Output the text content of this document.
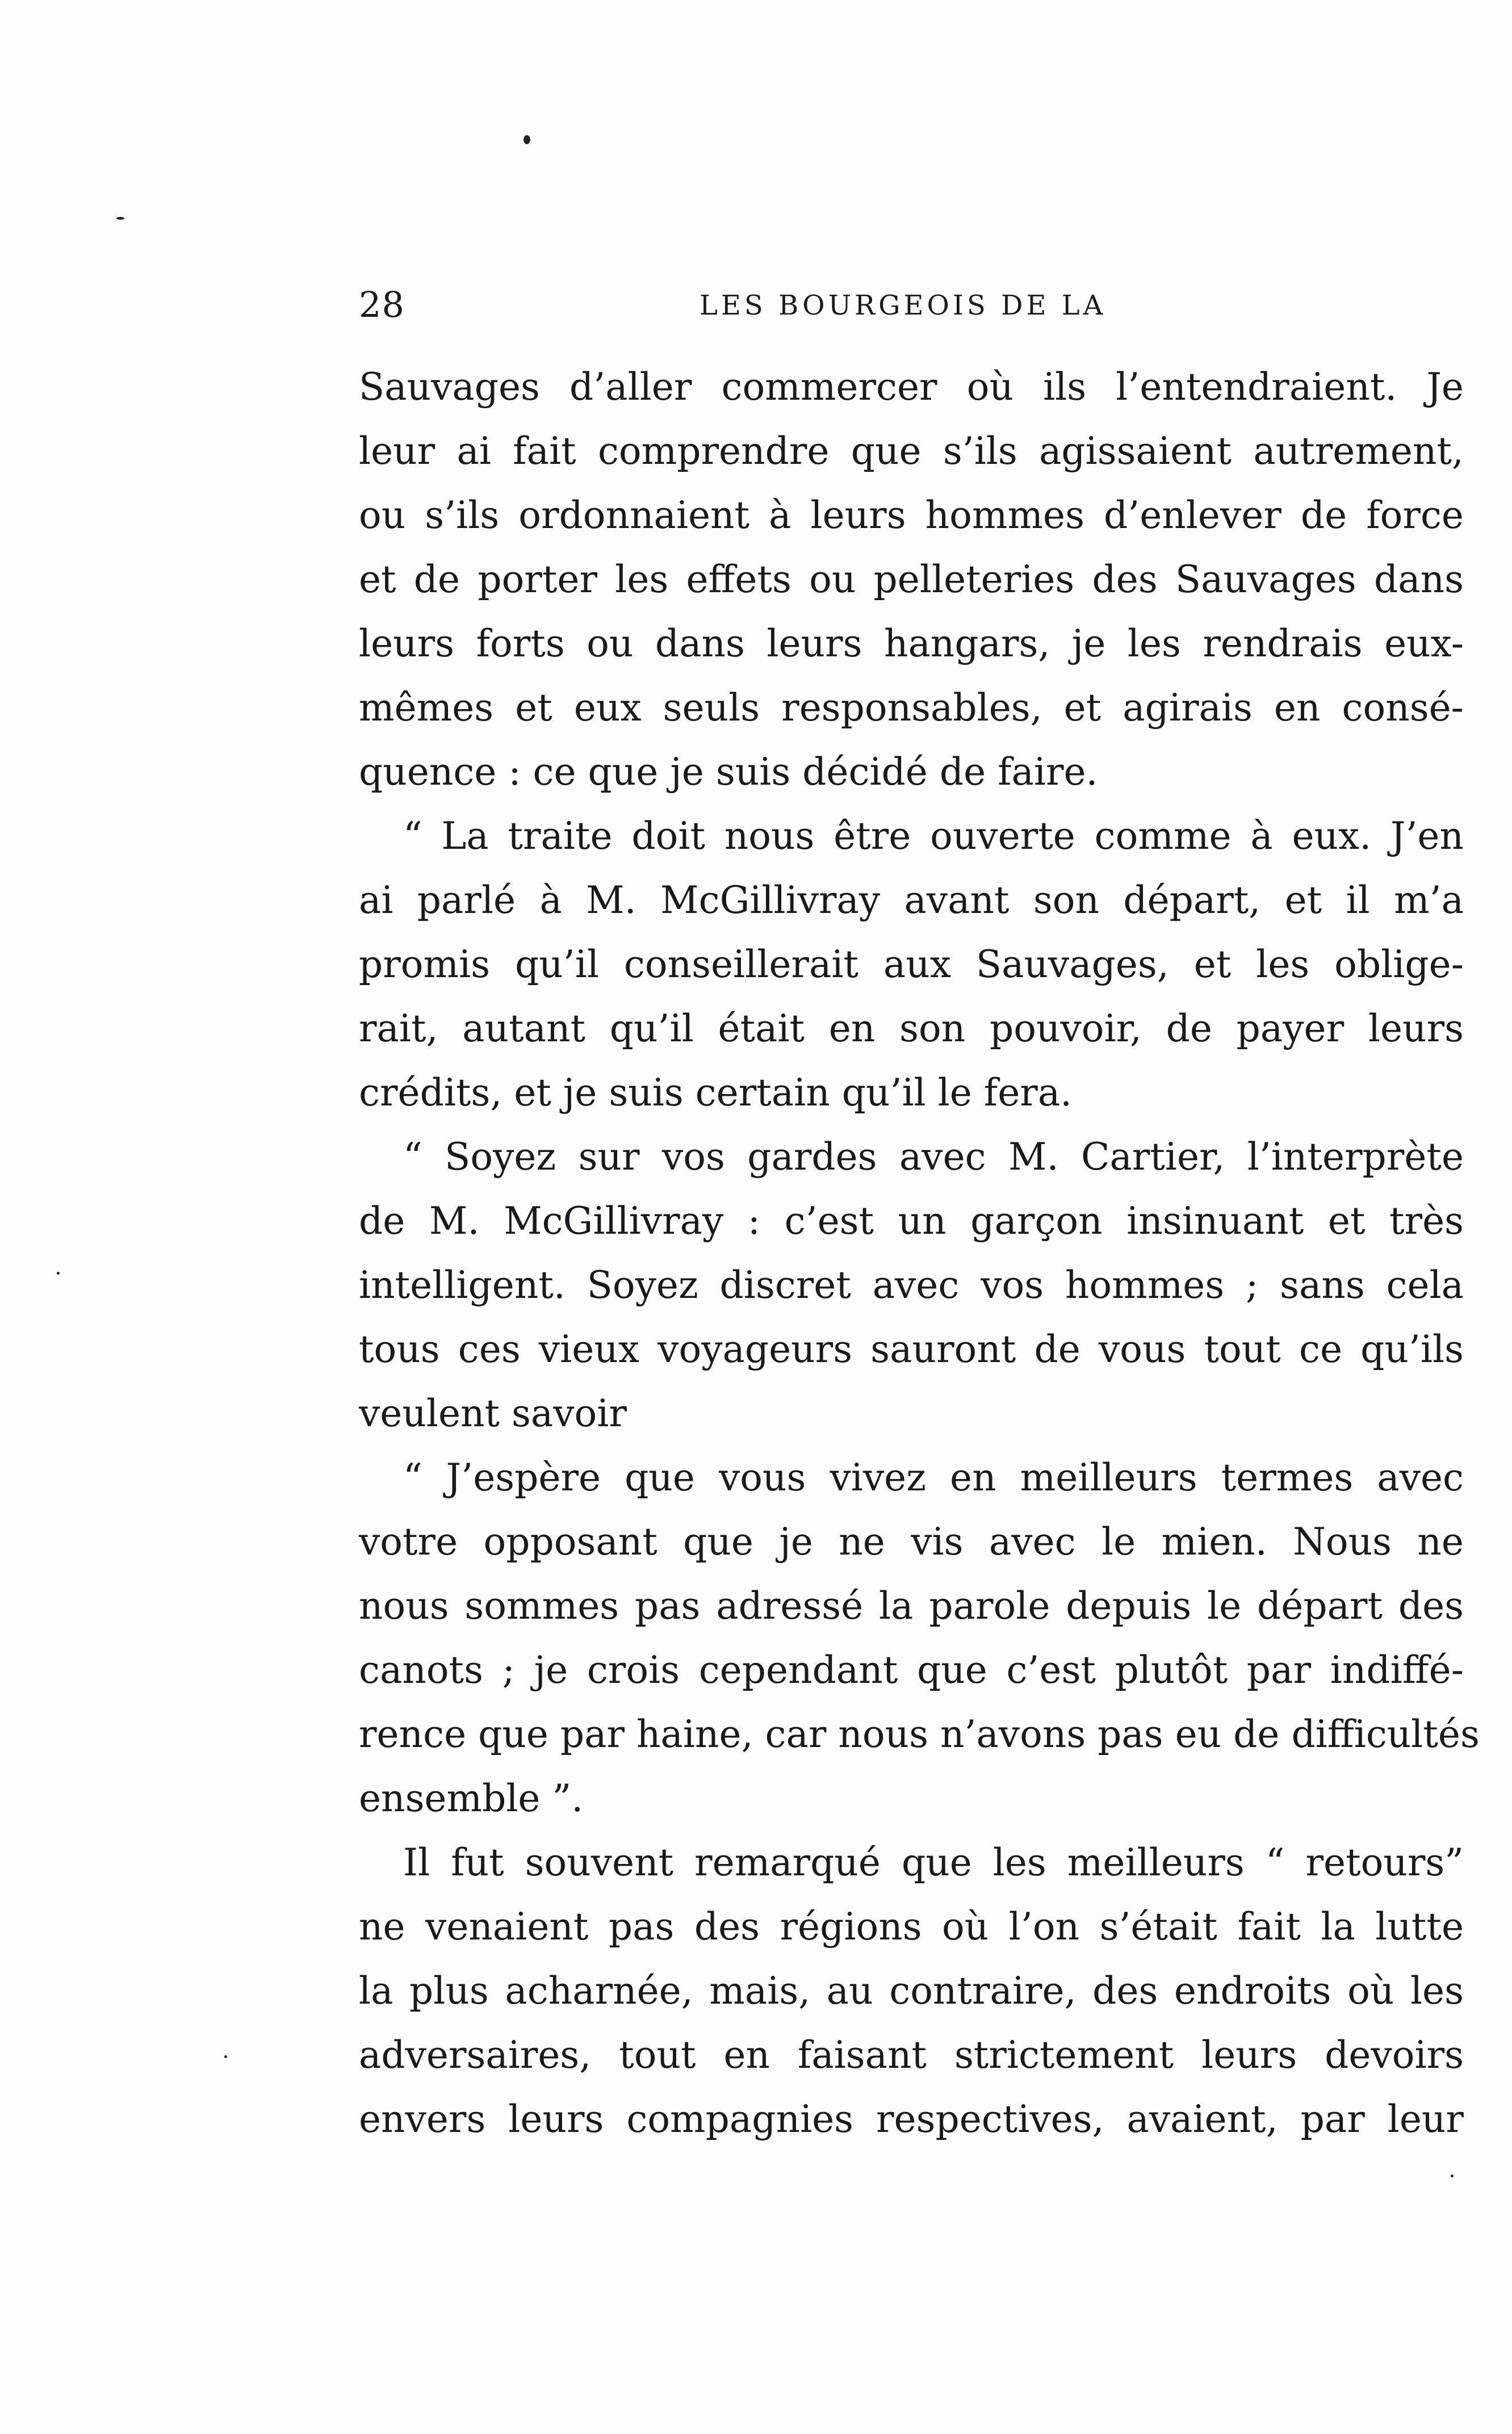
28	LES BOURGEOIS DE LA
Sauvages d’aller commercer où ils l’entendraient. Je
leur ai fait comprendre que s’ils agissaient autrement,
ou s’ils ordonnaient à leurs hommes d’enlever de force
et de porter les effets ou pelleteries des Sauvages dans
leurs forts ou dans leurs hangars, je les rendrais eux-
mêmes et eux seuls responsables, et agirais en consé-
quence : ce que je suis décidé de faire.
“ La traite doit nous être ouverte comme à eux. J’en
ai parlé à M. McGillivray avant son départ, et il m’a
promis qu’il conseillerait aux Sauvages, et les oblige-
rait, autant qu’il était en son pouvoir, de payer leurs
crédits, et je suis certain qu’il le fera.
“ Soyez sur vos gardes avec M. Cartier, l’interprète
de M. McGillivray : c’est un garçon insinuant et très
intelligent. Soyez discret avec vos hommes ; sans cela
tous ces vieux voyageurs sauront de vous tout ce qu’ils
veulent savoir
“ J’espère que vous vivez en meilleurs termes avec
votre opposant que je ne vis avec le mien. Nous ne
nous sommes pas adressé la parole depuis le départ des
canots ; je crois cependant que c’est plutôt par indiffé-
rence que par haine, car nous n’avons pas eu de difficultés
ensemble ”.
Il fut souvent remarqué que les meilleurs “ retours”
ne venaient pas des régions où l’on s’était fait la lutte
la plus acharnée, mais, au contraire, des endroits où les
adversaires, tout en faisant strictement leurs devoirs
envers leurs compagnies respectives, avaient, par leur
